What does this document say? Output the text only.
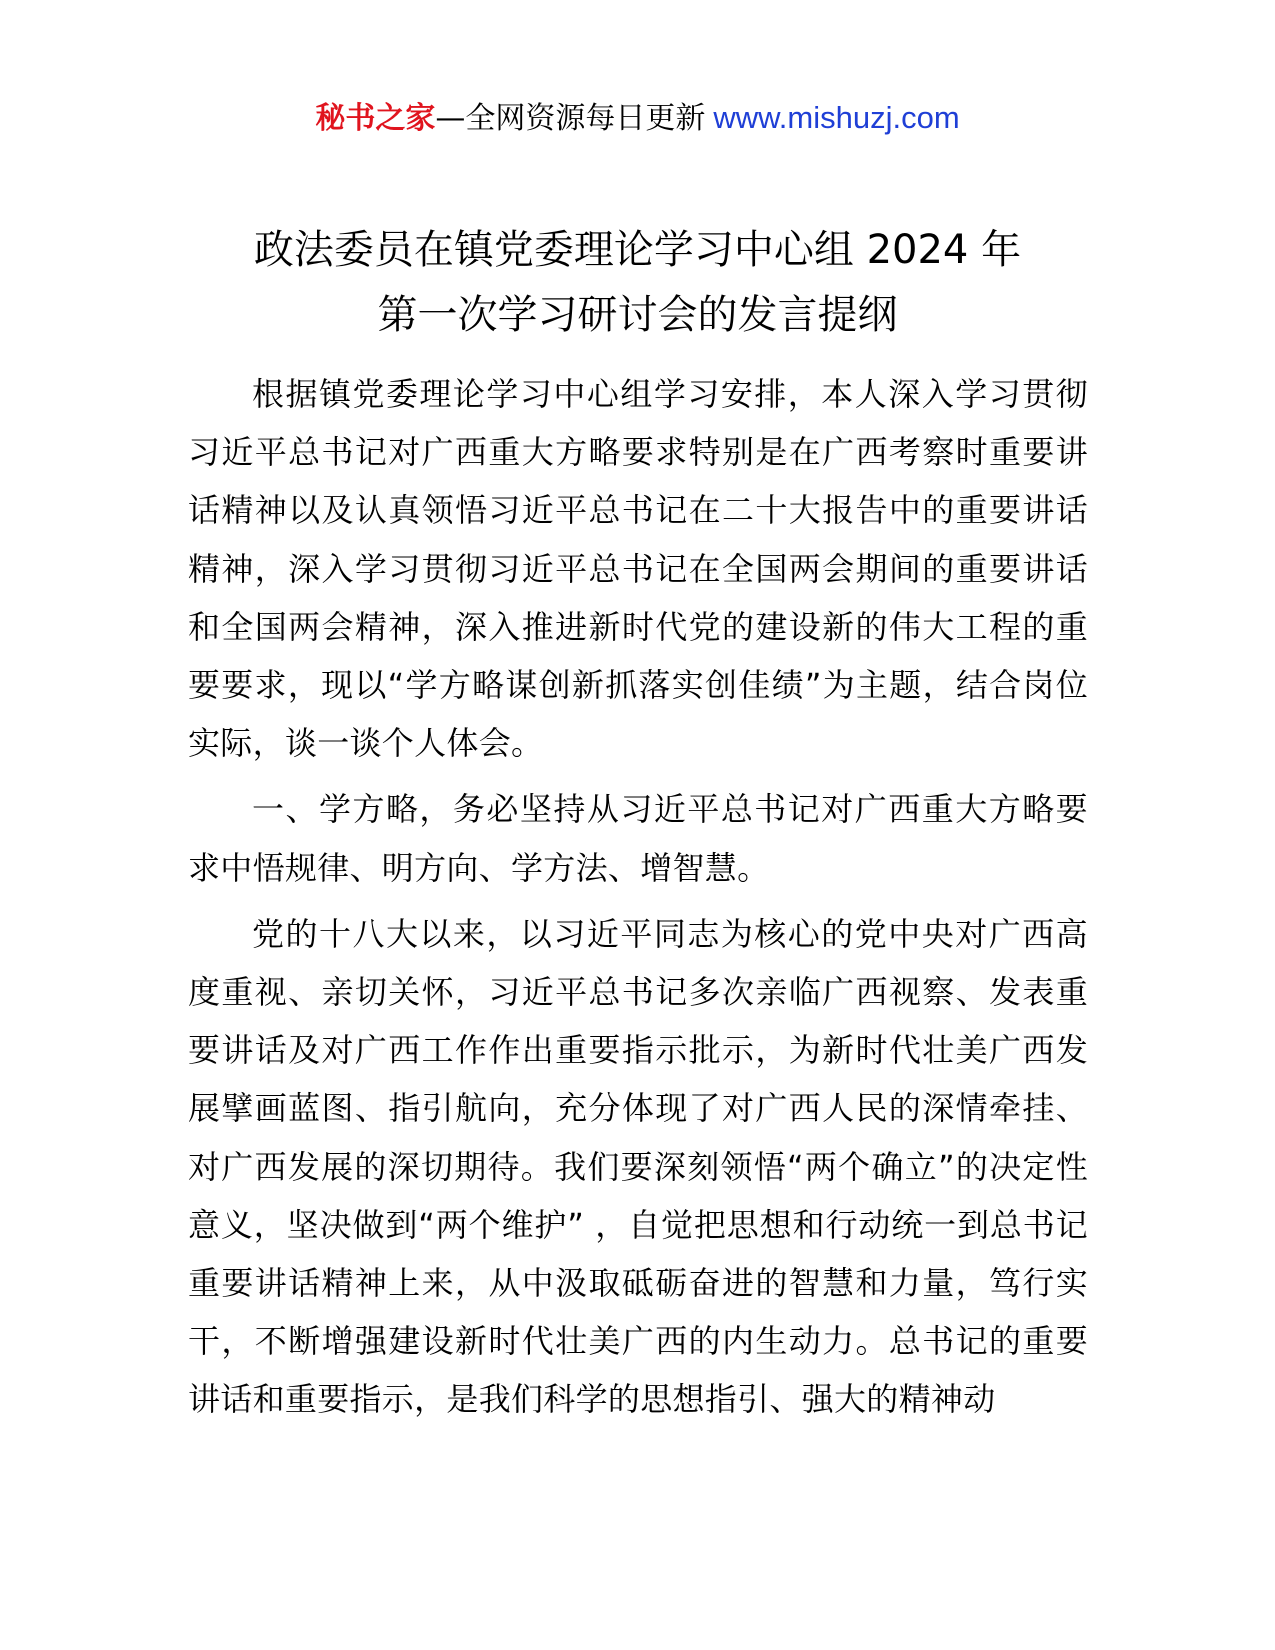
秘书之家—全网资源每日更新 www.mishuzj.com
政法委员在镇党委理论学习中心组 2024 年
第一次学习研讨会的发言提纲

根据镇党委理论学习中心组学习安排，本人深入学习贯彻习近平总书记对广西重大方略要求特别是在广西考察时重要讲话精神以及认真领悟习近平总书记在二十大报告中的重要讲话精神，深入学习贯彻习近平总书记在全国两会期间的重要讲话和全国两会精神，深入推进新时代党的建设新的伟大工程的重要要求，现以“学方略谋创新抓落实创佳绩”为主题，结合岗位实际，谈一谈个人体会。

一、学方略，务必坚持从习近平总书记对广西重大方略要求中悟规律、明方向、学方法、增智慧。

党的十八大以来，以习近平同志为核心的党中央对广西高度重视、亲切关怀，习近平总书记多次亲临广西视察、发表重要讲话及对广西工作作出重要指示批示，为新时代壮美广西发展擘画蓝图、指引航向，充分体现了对广西人民的深情牵挂、对广西发展的深切期待。我们要深刻领悟“两个确立”的决定性意义，坚决做到“两个维护” ，自觉把思想和行动统一到总书记重要讲话精神上来，从中汲取砥砺奋进的智慧和力量，笃行实干，不断增强建设新时代壮美广西的内生动力。总书记的重要讲话和重要指示，是我们科学的思想指引、强大的精神动
